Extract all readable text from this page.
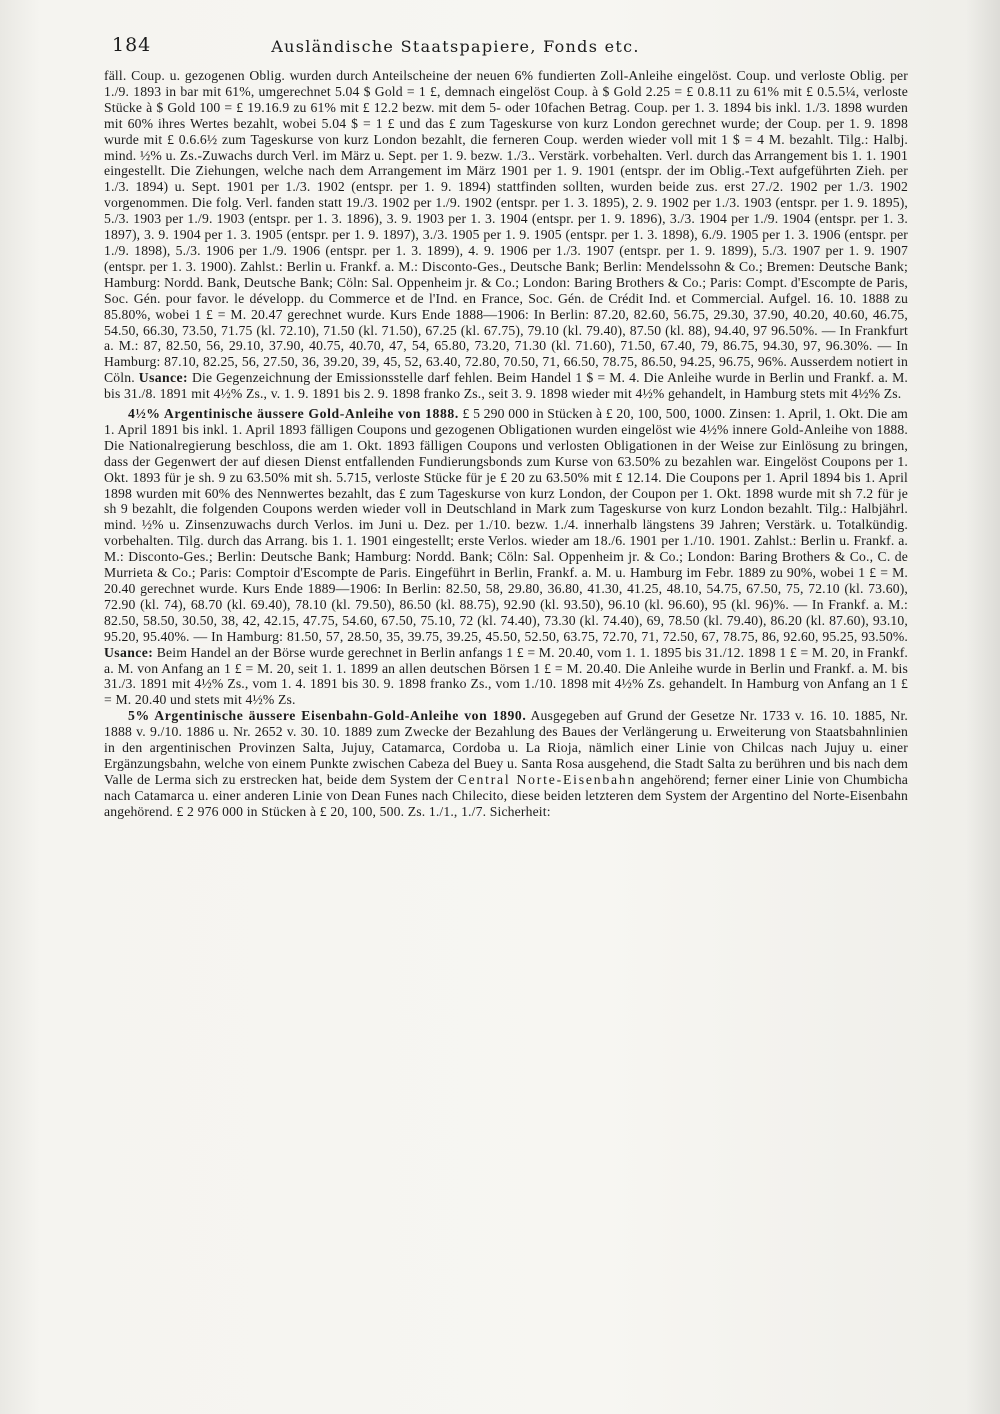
184	Ausländische Staatspapiere, Fonds etc.

fäll. Coup. u. gezogenen Oblig. wurden durch Anteilscheine der neuen 6% fundierten Zoll-Anleihe eingelöst. Coup. und verloste Oblig. per 1./9. 1893 in bar mit 61%, umgerechnet 5.04 $ Gold = 1 £, demnach eingelöst Coup. à $ Gold 2.25 = £ 0.8.11 zu 61% mit £ 0.5.5¼, verloste Stücke à $ Gold 100 = £ 19.16.9 zu 61% mit £ 12.2 bezw. mit dem 5- oder 10fachen Betrag. Coup. per 1. 3. 1894 bis inkl. 1./3. 1898 wurden mit 60% ihres Wertes bezahlt, wobei 5.04 $ = 1 £ und das £ zum Tageskurse von kurz London gerechnet wurde; der Coup. per 1. 9. 1898 wurde mit £ 0.6.6½ zum Tageskurse von kurz London bezahlt, die ferneren Coup. werden wieder voll mit 1 $ = 4 M. bezahlt. Tilg.: Halbj. mind. ½% u. Zs.-Zuwachs durch Verl. im März u. Sept. per 1. 9. bezw. 1./3.. Verstärk. vorbehalten. Verl. durch das Arrangement bis 1. 1. 1901 eingestellt. Die Ziehungen, welche nach dem Arrangement im März 1901 per 1. 9. 1901 (entspr. der im Oblig.-Text aufgeführten Zieh. per 1./3. 1894) u. Sept. 1901 per 1./3. 1902 (entspr. per 1. 9. 1894) stattfinden sollten, wurden beide zus. erst 27./2. 1902 per 1./3. 1902 vorgenommen. Die folg. Verl. fanden statt 19./3. 1902 per 1./9. 1902 (entspr. per 1. 3. 1895), 2. 9. 1902 per 1./3. 1903 (entspr. per 1. 9. 1895), 5./3. 1903 per 1./9. 1903 (entspr. per 1. 3. 1896), 3. 9. 1903 per 1. 3. 1904 (entspr. per 1. 9. 1896), 3./3. 1904 per 1./9. 1904 (entspr. per 1. 3. 1897), 3. 9. 1904 per 1. 3. 1905 (entspr. per 1. 9. 1897), 3./3. 1905 per 1. 9. 1905 (entspr. per 1. 3. 1898), 6./9. 1905 per 1. 3. 1906 (entspr. per 1./9. 1898), 5./3. 1906 per 1./9. 1906 (entspr. per 1. 3. 1899), 4. 9. 1906 per 1./3. 1907 (entspr. per 1. 9. 1899), 5./3. 1907 per 1. 9. 1907 (entspr. per 1. 3. 1900). Zahlst.: Berlin u. Frankf. a. M.: Disconto-Ges., Deutsche Bank; Berlin: Mendelssohn & Co.; Bremen: Deutsche Bank; Hamburg: Nordd. Bank, Deutsche Bank; Cöln: Sal. Oppenheim jr. & Co.; London: Baring Brothers & Co.; Paris: Compt. d'Escompte de Paris, Soc. Gén. pour favor. le développ. du Commerce et de l'Ind. en France, Soc. Gén. de Crédit Ind. et Commercial. Aufgel. 16. 10. 1888 zu 85.80%, wobei 1 £ = M. 20.47 gerechnet wurde. Kurs Ende 1888—1906: In Berlin: 87.20, 82.60, 56.75, 29.30, 37.90, 40.20, 40.60, 46.75, 54.50, 66.30, 73.50, 71.75 (kl. 72.10), 71.50 (kl. 71.50), 67.25 (kl. 67.75), 79.10 (kl. 79.40), 87.50 (kl. 88), 94.40, 97 96.50%. — In Frankfurt a. M.: 87, 82.50, 56, 29.10, 37.90, 40.75, 40.70, 47, 54, 65.80, 73.20, 71.30 (kl. 71.60), 71.50, 67.40, 79, 86.75, 94.30, 97, 96.30%. — In Hamburg: 87.10, 82.25, 56, 27.50, 36, 39.20, 39, 45, 52, 63.40, 72.80, 70.50, 71, 66.50, 78.75, 86.50, 94.25, 96.75, 96%. Ausserdem notiert in Cöln. Usance: Die Gegenzeichnung der Emissionsstelle darf fehlen. Beim Handel 1 $ = M. 4. Die Anleihe wurde in Berlin und Frankf. a. M. bis 31./8. 1891 mit 4½% Zs., v. 1. 9. 1891 bis 2. 9. 1898 franko Zs., seit 3. 9. 1898 wieder mit 4½% gehandelt, in Hamburg stets mit 4½% Zs.

4½% Argentinische äussere Gold-Anleihe von 1888. £ 5 290 000 in Stücken à £ 20, 100, 500, 1000. Zinsen: 1. April, 1. Okt. Die am 1. April 1891 bis inkl. 1. April 1893 fälligen Coupons und gezogenen Obligationen wurden eingelöst wie 4½% innere Gold-Anleihe von 1888. Die Nationalregierung beschloss, die am 1. Okt. 1893 fälligen Coupons und verlosten Obligationen in der Weise zur Einlösung zu bringen, dass der Gegenwert der auf diesen Dienst entfallenden Fundierungsbonds zum Kurse von 63.50% zu bezahlen war. Eingelöst Coupons per 1. Okt. 1893 für je sh. 9 zu 63.50% mit sh. 5.715, verloste Stücke für je £ 20 zu 63.50% mit £ 12.14. Die Coupons per 1. April 1894 bis 1. April 1898 wurden mit 60% des Nennwertes bezahlt, das £ zum Tageskurse von kurz London, der Coupon per 1. Okt. 1898 wurde mit sh 7.2 für je sh 9 bezahlt, die folgenden Coupons werden wieder voll in Deutschland in Mark zum Tageskurse von kurz London bezahlt. Tilg.: Halbjährl. mind. ½% u. Zinsenzuwachs durch Verlos. im Juni u. Dez. per 1./10. bezw. 1./4. innerhalb längstens 39 Jahren; Verstärk. u. Totalkündig. vorbehalten. Tilg. durch das Arrang. bis 1. 1. 1901 eingestellt; erste Verlos. wieder am 18./6. 1901 per 1./10. 1901. Zahlst.: Berlin u. Frankf. a. M.: Disconto-Ges.; Berlin: Deutsche Bank; Hamburg: Nordd. Bank; Cöln: Sal. Oppenheim jr. & Co.; London: Baring Brothers & Co., C. de Murrieta & Co.; Paris: Comptoir d'Escompte de Paris. Eingeführt in Berlin, Frankf. a. M. u. Hamburg im Febr. 1889 zu 90%, wobei 1 £ = M. 20.40 gerechnet wurde. Kurs Ende 1889—1906: In Berlin: 82.50, 58, 29.80, 36.80, 41.30, 41.25, 48.10, 54.75, 67.50, 75, 72.10 (kl. 73.60), 72.90 (kl. 74), 68.70 (kl. 69.40), 78.10 (kl. 79.50), 86.50 (kl. 88.75), 92.90 (kl. 93.50), 96.10 (kl. 96.60), 95 (kl. 96)%. — In Frankf. a. M.: 82.50, 58.50, 30.50, 38, 42, 42.15, 47.75, 54.60, 67.50, 75.10, 72 (kl. 74.40), 73.30 (kl. 74.40), 69, 78.50 (kl. 79.40), 86.20 (kl. 87.60), 93.10, 95.20, 95.40%. — In Hamburg: 81.50, 57, 28.50, 35, 39.75, 39.25, 45.50, 52.50, 63.75, 72.70, 71, 72.50, 67, 78.75, 86, 92.60, 95.25, 93.50%. Usance: Beim Handel an der Börse wurde gerechnet in Berlin anfangs 1 £ = M. 20.40, vom 1. 1. 1895 bis 31./12. 1898 1 £ = M. 20, in Frankf. a. M. von Anfang an 1 £ = M. 20, seit 1. 1. 1899 an allen deutschen Börsen 1 £ = M. 20.40. Die Anleihe wurde in Berlin und Frankf. a. M. bis 31./3. 1891 mit 4½% Zs., vom 1. 4. 1891 bis 30. 9. 1898 franko Zs., vom 1./10. 1898 mit 4½% Zs. gehandelt. In Hamburg von Anfang an 1 £ = M. 20.40 und stets mit 4½% Zs.

5% Argentinische äussere Eisenbahn-Gold-Anleihe von 1890. Ausgegeben auf Grund der Gesetze Nr. 1733 v. 16. 10. 1885, Nr. 1888 v. 9./10. 1886 u. Nr. 2652 v. 30. 10. 1889 zum Zwecke der Bezahlung des Baues der Verlängerung u. Erweiterung von Staatsbahnlinien in den argentinischen Provinzen Salta, Jujuy, Catamarca, Cordoba u. La Rioja, nämlich einer Linie von Chilcas nach Jujuy u. einer Ergänzungsbahn, welche von einem Punkte zwischen Cabeza del Buey u. Santa Rosa ausgehend, die Stadt Salta zu berühren und bis nach dem Valle de Lerma sich zu erstrecken hat, beide dem System der Central Norte-Eisenbahn angehörend; ferner einer Linie von Chumbicha nach Catamarca u. einer anderen Linie von Dean Funes nach Chilecito, diese beiden letzteren dem System der Argentino del Norte-Eisenbahn angehörend. £ 2 976 000 in Stücken à £ 20, 100, 500. Zs. 1./1., 1./7. Sicherheit:
